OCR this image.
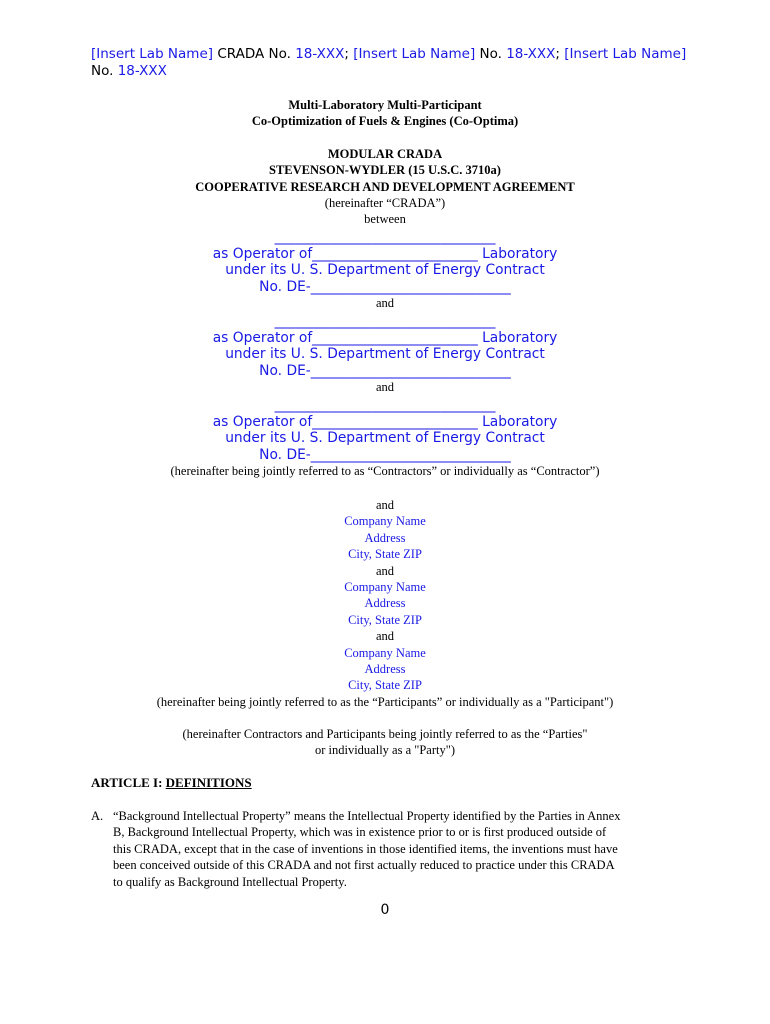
[Insert Lab Name] CRADA No. 18-XXX; [Insert Lab Name] No. 18-XXX; [Insert Lab Name] No. 18-XXX
Multi-Laboratory Multi-Participant
Co-Optimization of Fuels & Engines (Co-Optima)
MODULAR CRADA
STEVENSON-WYDLER (15 U.S.C. 3710a)
COOPERATIVE RESEARCH AND DEVELOPMENT AGREEMENT
(hereinafter “CRADA”)
between
________________________________
as Operator of________________________ Laboratory
under its U. S. Department of Energy Contract
No. DE-_____________________________
and
________________________________
as Operator of________________________ Laboratory
under its U. S. Department of Energy Contract
No. DE-_____________________________
and
________________________________
as Operator of________________________ Laboratory
under its U. S. Department of Energy Contract
No. DE-_____________________________
(hereinafter being jointly referred to as “Contractors” or individually as “Contractor”)
and
Company Name
Address
City, State ZIP
and
Company Name
Address
City, State ZIP
and
Company Name
Address
City, State ZIP
(hereinafter being jointly referred to as the “Participants” or individually as a "Participant")
(hereinafter Contractors and Participants being jointly referred to as the “Parties"
or individually as a "Party")
ARTICLE I: DEFINITIONS
A. “Background Intellectual Property” means the Intellectual Property identified by the Parties in Annex
B, Background Intellectual Property, which was in existence prior to or is first produced outside of
this CRADA, except that in the case of inventions in those identified items, the inventions must have
been conceived outside of this CRADA and not first actually reduced to practice under this CRADA
to qualify as Background Intellectual Property.
0
